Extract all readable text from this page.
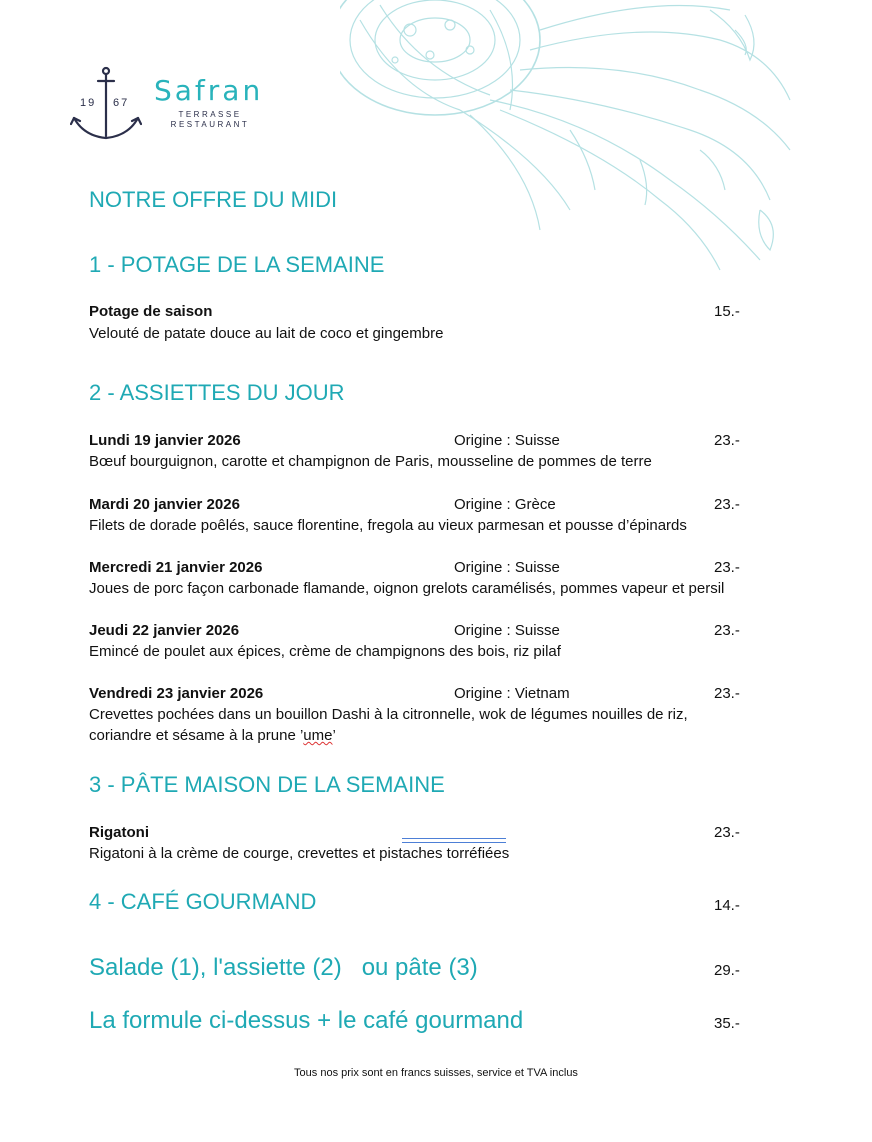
19 67 Safran
TERRASSE
RESTAURANT
NOTRE OFFRE DU MIDI
1 - POTAGE DE LA SEMAINE
Potage de saison	15.-
Velouté de patate douce au lait de coco et gingembre
2 - ASSIETTES DU JOUR
Lundi 19 janvier 2026	Origine : Suisse	23.-
Bœuf bourguignon, carotte et champignon de Paris, mousseline de pommes de terre
Mardi 20 janvier 2026	Origine : Grèce	23.-
Filets de dorade poêlés, sauce florentine, fregola au vieux parmesan et pousse d’épinards
Mercredi 21 janvier 2026	Origine : Suisse	23.-
Joues de porc façon carbonade flamande, oignon grelots caramélisés, pommes vapeur et persil
Jeudi 22 janvier 2026	Origine : Suisse	23.-
Emincé de poulet aux épices, crème de champignons des bois, riz pilaf
Vendredi 23 janvier 2026	Origine : Vietnam	23.-
Crevettes pochées dans un bouillon Dashi à la citronnelle, wok de légumes nouilles de riz,
coriandre et sésame à la prune ’ume’
3 - PÂTE MAISON DE LA SEMAINE
Rigatoni	23.-
Rigatoni à la crème de courge, crevettes et pistaches torréfiées
4 - CAFÉ GOURMAND	14.-
Salade (1), l'assiette (2)   ou pâte (3)	29.-
La formule ci-dessus + le café gourmand	35.-
Tous nos prix sont en francs suisses, service et TVA inclus
